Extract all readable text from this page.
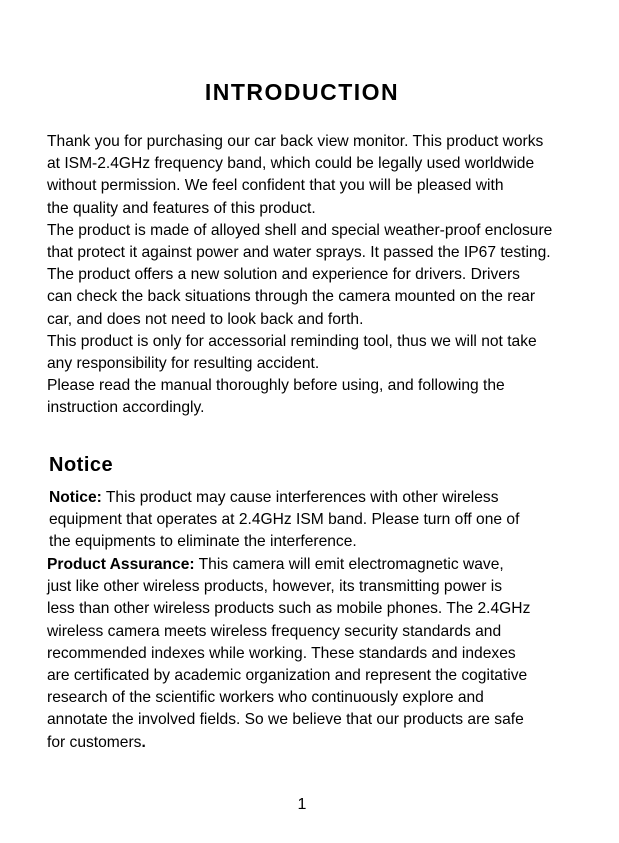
INTRODUCTION
Thank you for purchasing our car back view monitor. This product works
at ISM-2.4GHz frequency band, which could be legally used worldwide
without permission. We feel confident that you will be pleased with
the quality and features of this product.
The product is made of alloyed shell and special weather-proof enclosure
that protect it against power and water sprays. It passed the IP67 testing.
The product offers a new solution and experience for drivers. Drivers
can check the back situations through the camera mounted on the rear
car, and does not need to look back and forth.
This product is only for accessorial reminding tool, thus we will not take
any responsibility for resulting accident.
Please read the manual thoroughly before using, and following the
instruction accordingly.
Notice
Notice: This product may cause interferences with other wireless
equipment that operates at 2.4GHz ISM band. Please turn off one of
the equipments to eliminate the interference.
Product Assurance: This camera will emit electromagnetic wave,
just like other wireless products, however, its transmitting power is
less than other wireless products such as mobile phones. The 2.4GHz
wireless camera meets wireless frequency security standards and
recommended indexes while working. These standards and indexes
are certificated by academic organization and represent the cogitative
research of the scientific workers who continuously explore and
annotate the involved fields. So we believe that our products are safe
for customers.
1
